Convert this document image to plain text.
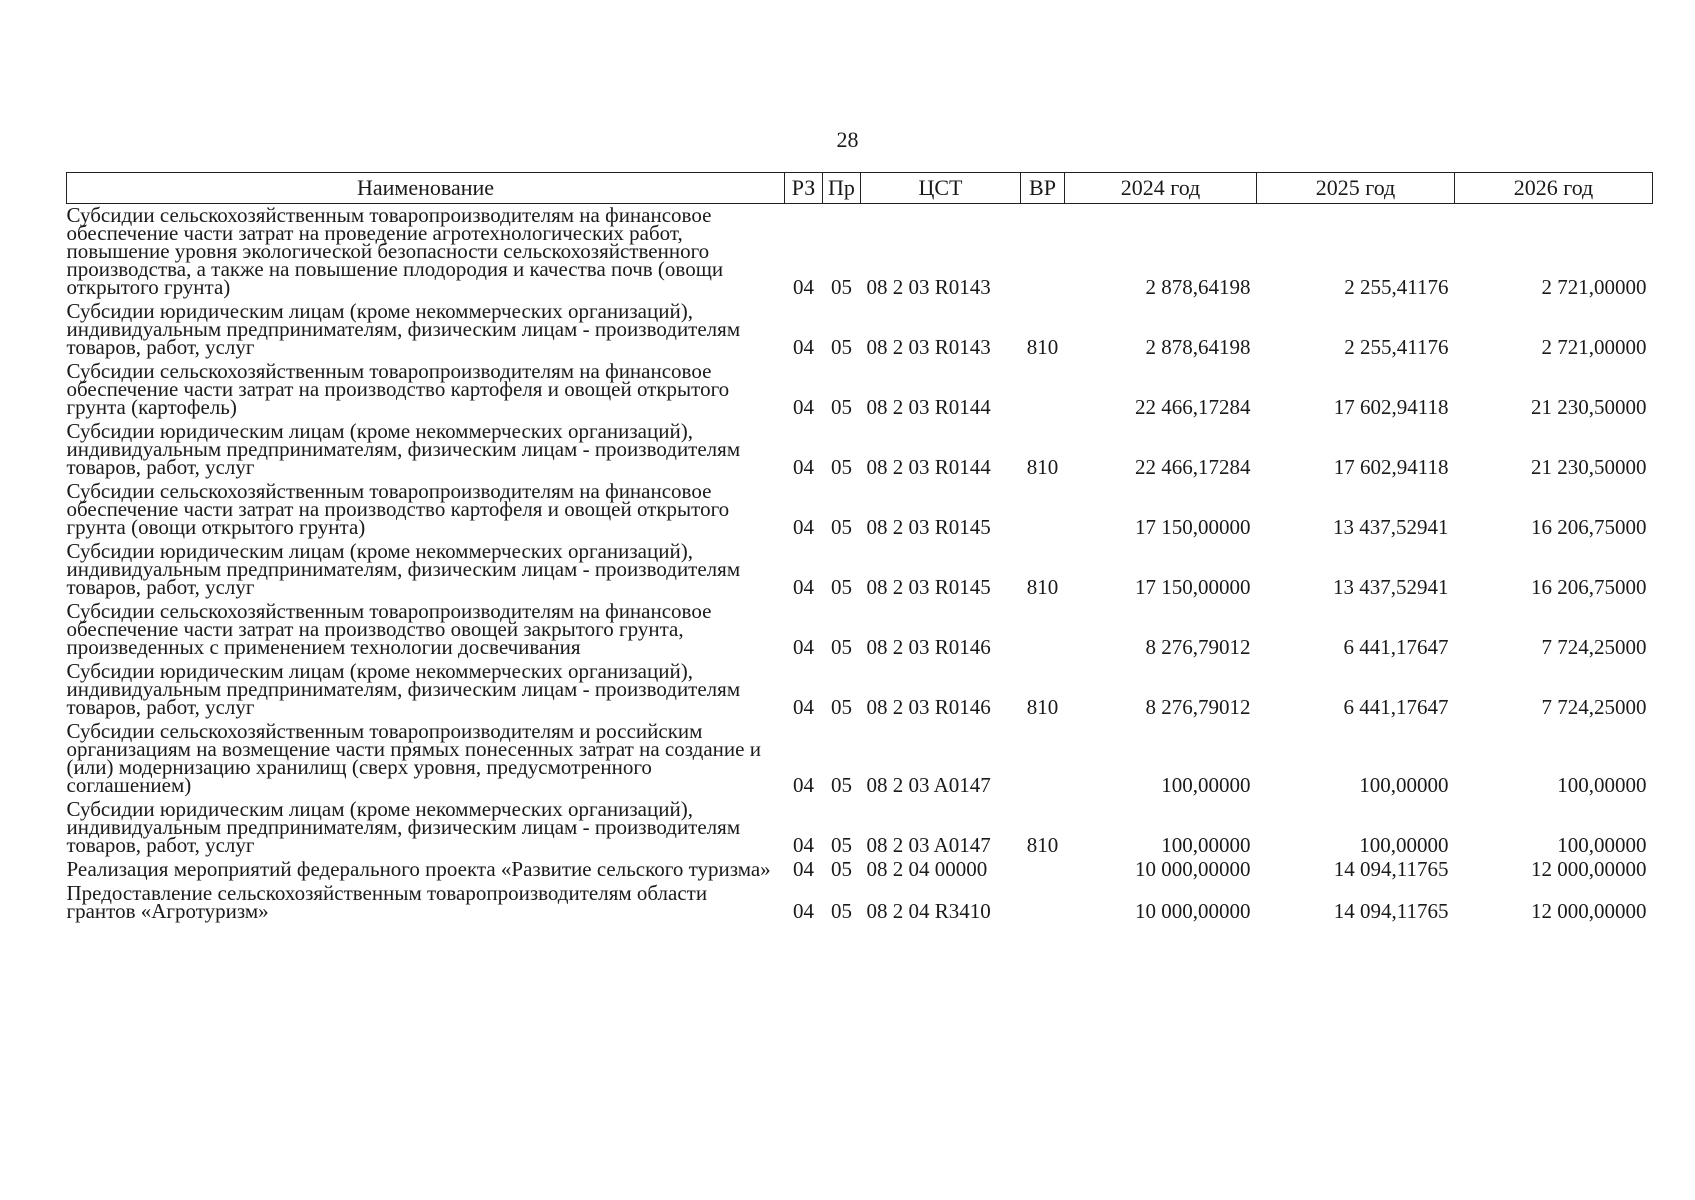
28
Наименование	РЗ	Пр	ЦСТ	ВР	2024 год	2025 год	2026 год
Субсидии сельскохозяйственным товаропроизводителям на финансовое обеспечение части затрат на проведение агротехнологических работ, повышение уровня экологической безопасности сельскохозяйственного производства, а также на повышение плодородия и качества почв (овощи открытого грунта)	04	05	08 2 03 R0143		2 878,64198	2 255,41176	2 721,00000
Субсидии юридическим лицам (кроме некоммерческих организаций), индивидуальным предпринимателям, физическим лицам - производителям товаров, работ, услуг	04	05	08 2 03 R0143	810	2 878,64198	2 255,41176	2 721,00000
Субсидии сельскохозяйственным товаропроизводителям на финансовое обеспечение части затрат на производство картофеля и овощей открытого грунта (картофель)	04	05	08 2 03 R0144		22 466,17284	17 602,94118	21 230,50000
Субсидии юридическим лицам (кроме некоммерческих организаций), индивидуальным предпринимателям, физическим лицам - производителям товаров, работ, услуг	04	05	08 2 03 R0144	810	22 466,17284	17 602,94118	21 230,50000
Субсидии сельскохозяйственным товаропроизводителям на финансовое обеспечение части затрат на производство картофеля и овощей открытого грунта (овощи открытого грунта)	04	05	08 2 03 R0145		17 150,00000	13 437,52941	16 206,75000
Субсидии юридическим лицам (кроме некоммерческих организаций), индивидуальным предпринимателям, физическим лицам - производителям товаров, работ, услуг	04	05	08 2 03 R0145	810	17 150,00000	13 437,52941	16 206,75000
Субсидии сельскохозяйственным товаропроизводителям на финансовое обеспечение части затрат на производство овощей закрытого грунта, произведенных с применением технологии досвечивания	04	05	08 2 03 R0146		8 276,79012	6 441,17647	7 724,25000
Субсидии юридическим лицам (кроме некоммерческих организаций), индивидуальным предпринимателям, физическим лицам - производителям товаров, работ, услуг	04	05	08 2 03 R0146	810	8 276,79012	6 441,17647	7 724,25000
Субсидии сельскохозяйственным товаропроизводителям и российским организациям на возмещение части прямых понесенных затрат на создание и (или) модернизацию хранилищ (сверх уровня, предусмотренного соглашением)	04	05	08 2 03 A0147		100,00000	100,00000	100,00000
Субсидии юридическим лицам (кроме некоммерческих организаций), индивидуальным предпринимателям, физическим лицам - производителям товаров, работ, услуг	04	05	08 2 03 A0147	810	100,00000	100,00000	100,00000
Реализация мероприятий федерального проекта «Развитие сельского туризма»	04	05	08 2 04 00000		10 000,00000	14 094,11765	12 000,00000
Предоставление сельскохозяйственным товаропроизводителям области грантов «Агротуризм»	04	05	08 2 04 R3410		10 000,00000	14 094,11765	12 000,00000
